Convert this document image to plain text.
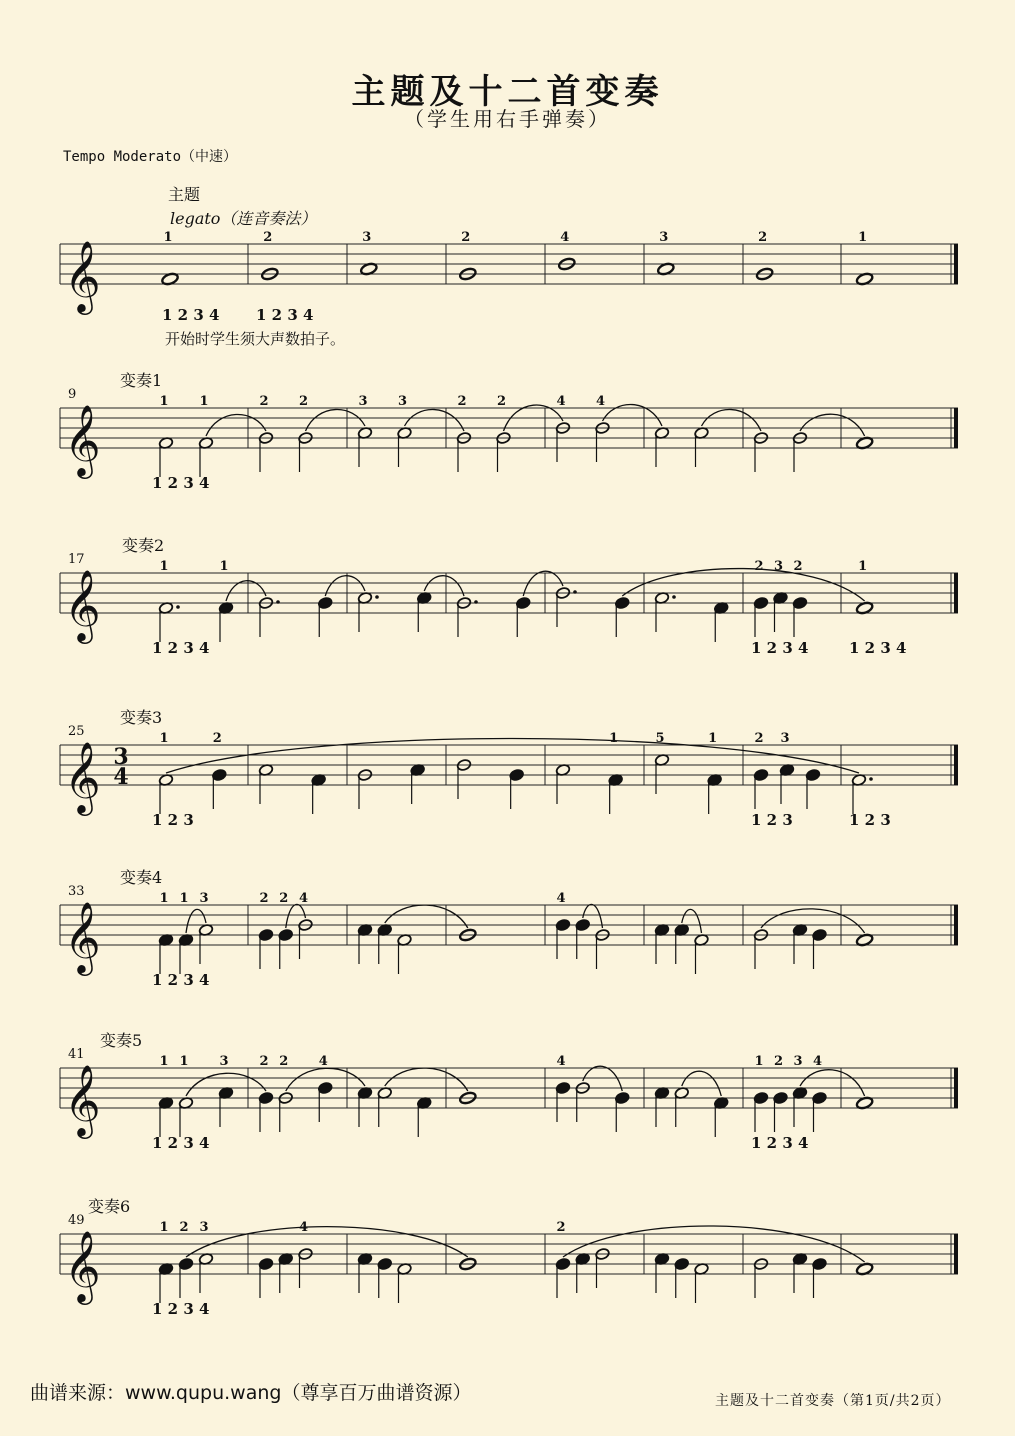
𝄞
主题
legato（连音奏法）
开始时学生须大声数拍子。
1	2	3	2	4	3	2	1
1 2 3 4 1 2 3 4
𝄞
9
变奏1
1 1	2 2	3 3	2 2	4 4
1 2 3 4
𝄞
17
变奏2
1	1	2 3 2	1
1 2 3 4	1 2 3 4	1 2 3 4
𝄞 3
4
25
变奏3
1	2	1	5	1	2 3
1 2 3	1 2 3	1 2 3
𝄞
33
变奏4
1 1 3	2 2 4	4
1 2 3 4
𝄞
41
变奏5
1 1 3 2 2 4	4	1 2 3 4
1 2 3 4	1 2 3 4
𝄞
49
变奏6
1 2 3	4	2
1 2 3 4
主题及十二首变奏
（学生用右手弹奏）
Tempo Moderato（中速）
曲谱来源：www.qupu.wang（尊享百万曲谱资源）	主题及十二首变奏（第1页/共2页）
